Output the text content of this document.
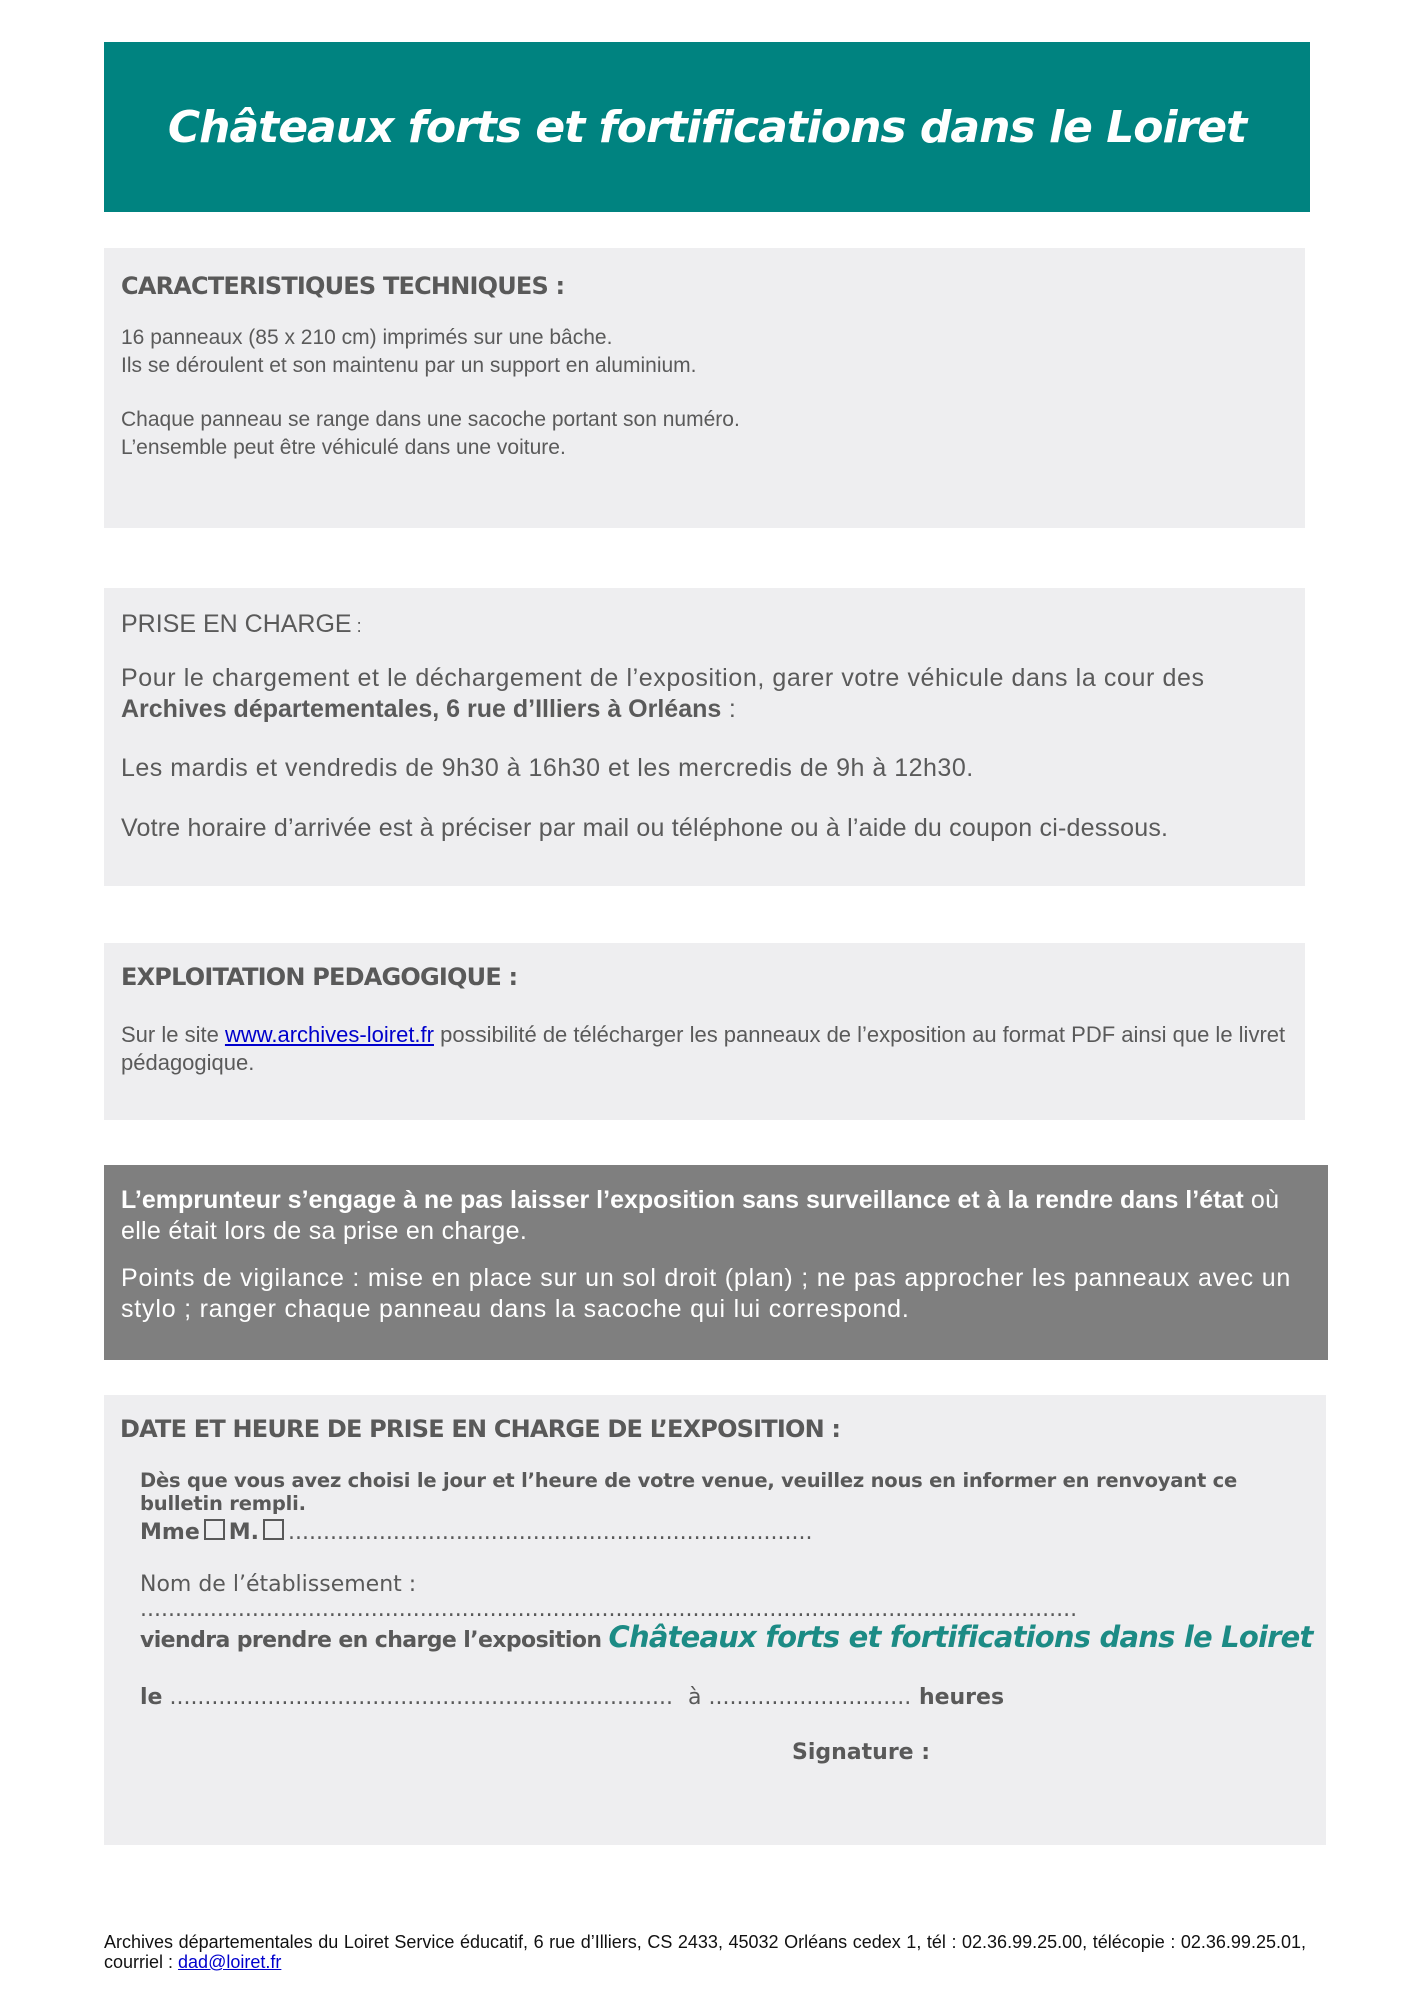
Châteaux forts et fortifications dans le Loiret

CARACTERISTIQUES TECHNIQUES :

16 panneaux (85 x 210 cm) imprimés sur une bâche.

Ils se déroulent et son maintenu par un support en aluminium.

Chaque panneau se range dans une sacoche portant son numéro.

L’ensemble peut être véhiculé dans une voiture.

PRISE EN CHARGE :

Pour le chargement et le déchargement de l’exposition, garer votre véhicule dans la cour des Archives départementales, 6 rue d’Illiers à Orléans :

Les mardis et vendredis de 9h30 à 16h30 et les mercredis de 9h à 12h30.

Votre horaire d’arrivée est à préciser par mail ou téléphone ou à l’aide du coupon ci-dessous.

EXPLOITATION PEDAGOGIQUE :

Sur le site www.archives-loiret.fr possibilité de télécharger les panneaux de l’exposition au format PDF ainsi que le livret pédagogique.

L’emprunteur s’engage à ne pas laisser l’exposition sans surveillance et à la rendre dans l’état où elle était lors de sa prise en charge.

Points de vigilance : mise en place sur un sol droit (plan) ; ne pas approcher les panneaux avec un stylo ; ranger chaque panneau dans la sacoche qui lui correspond.

DATE ET HEURE DE PRISE EN CHARGE DE L’EXPOSITION :

Dès que vous avez choisi le jour et l’heure de votre venue, veuillez nous en informer en renvoyant ce bulletin rempli.

Mme M. ...........................................................................

Nom de l’établissement : ......................................................................................................................................

viendra prendre en charge l’exposition Châteaux forts et fortifications dans le Loiret

le ........................................................................ à ............................. heures

Signature :

Archives départementales du Loiret Service éducatif, 6 rue d’Illiers, CS 2433, 45032 Orléans cedex 1, tél : 02.36.99.25.00, télécopie : 02.36.99.25.01, courriel : dad@loiret.fr
